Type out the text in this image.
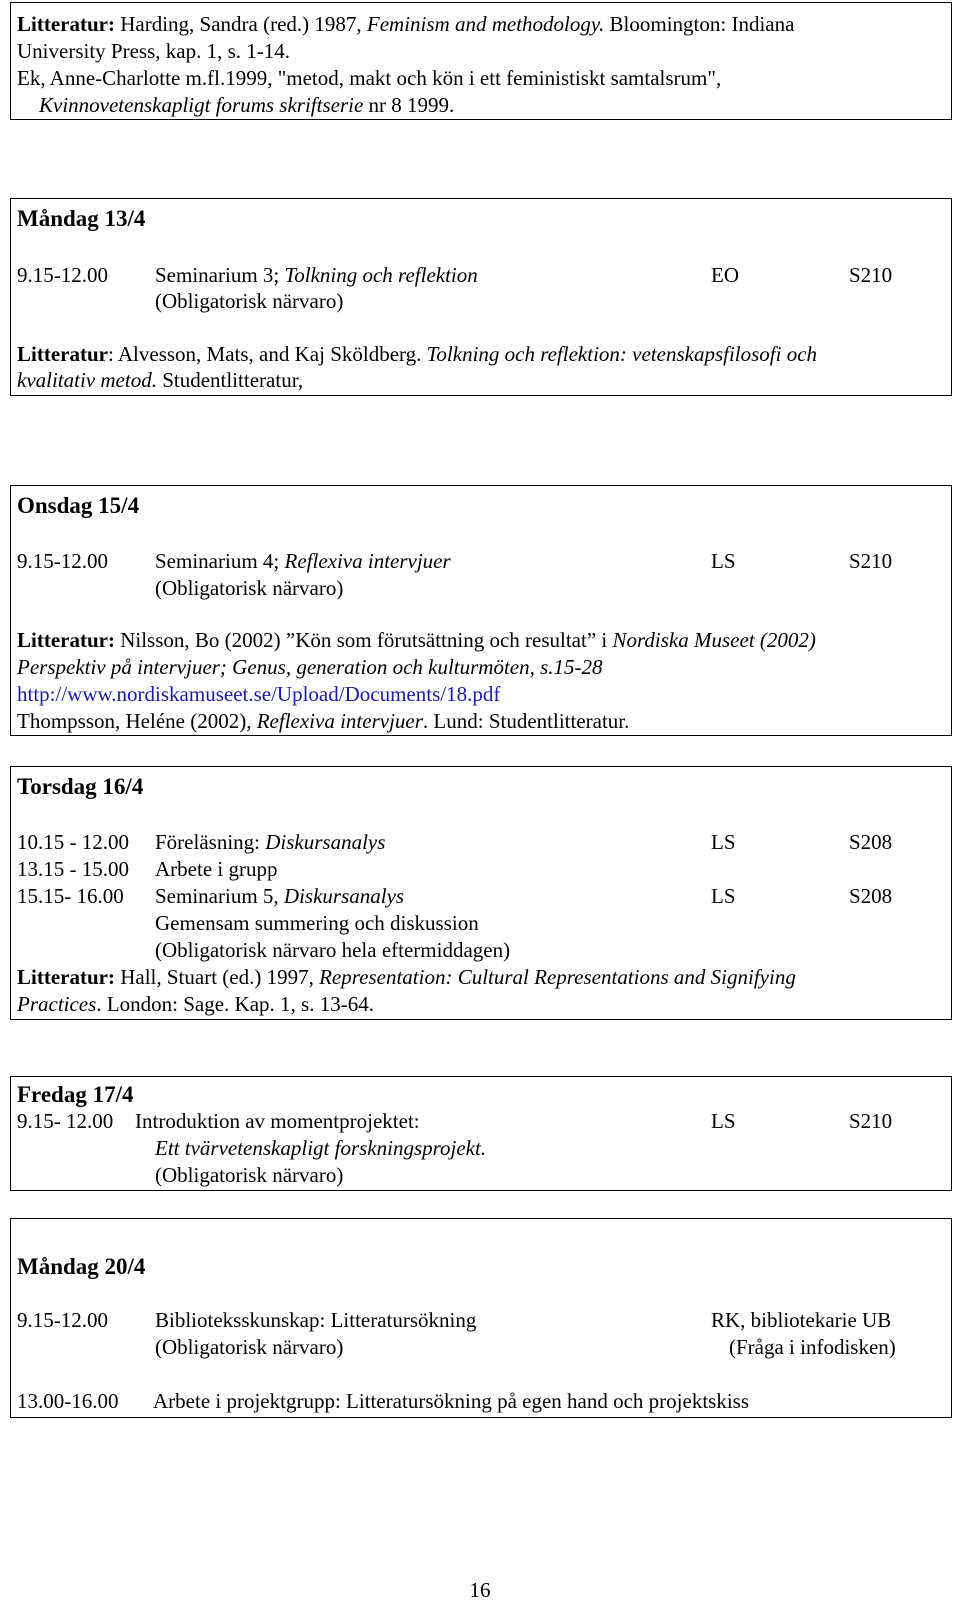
Litteratur: Harding, Sandra (red.) 1987, Feminism and methodology. Bloomington: Indiana
University Press, kap. 1, s. 1-14.
Ek, Anne-Charlotte m.fl.1999, "metod, makt och kön i ett feministiskt samtalsrum",
Kvinnovetenskapligt forums skriftserie nr 8 1999.
Måndag 13/4
9.15-12.00 Seminarium 3; Tolkning och reflektion	EO	S210
(Obligatorisk närvaro)
Litteratur: Alvesson, Mats, and Kaj Sköldberg. Tolkning och reflektion: vetenskapsfilosofi och
kvalitativ metod. Studentlitteratur,
Onsdag 15/4
9.15-12.00 Seminarium 4; Reflexiva intervjuer	LS	S210
(Obligatorisk närvaro)
Litteratur: Nilsson, Bo (2002) ”Kön som förutsättning och resultat” i Nordiska Museet (2002)
Perspektiv på intervjuer; Genus, generation och kulturmöten, s.15-28
http://www.nordiskamuseet.se/Upload/Documents/18.pdf
Thompsson, Heléne (2002), Reflexiva intervjuer. Lund: Studentlitteratur.
Torsdag 16/4
10.15 - 12.00 Föreläsning: Diskursanalys	LS	S208
13.15 - 15.00 Arbete i grupp
15.15- 16.00 Seminarium 5, Diskursanalys	LS	S208
Gemensam summering och diskussion
(Obligatorisk närvaro hela eftermiddagen)
Litteratur: Hall, Stuart (ed.) 1997, Representation: Cultural Representations and Signifying
Practices. London: Sage. Kap. 1, s. 13-64.
Fredag 17/4
9.15- 12.00 Introduktion av momentprojektet:	LS	S210
Ett tvärvetenskapligt forskningsprojekt.
(Obligatorisk närvaro)
Måndag 20/4
9.15-12.00 Biblioteksskunskap: Litteratursökning	RK, bibliotekarie UB
(Obligatorisk närvaro)	(Fråga i infodisken)
13.00-16.00 Arbete i projektgrupp: Litteratursökning på egen hand och projektskiss
16
